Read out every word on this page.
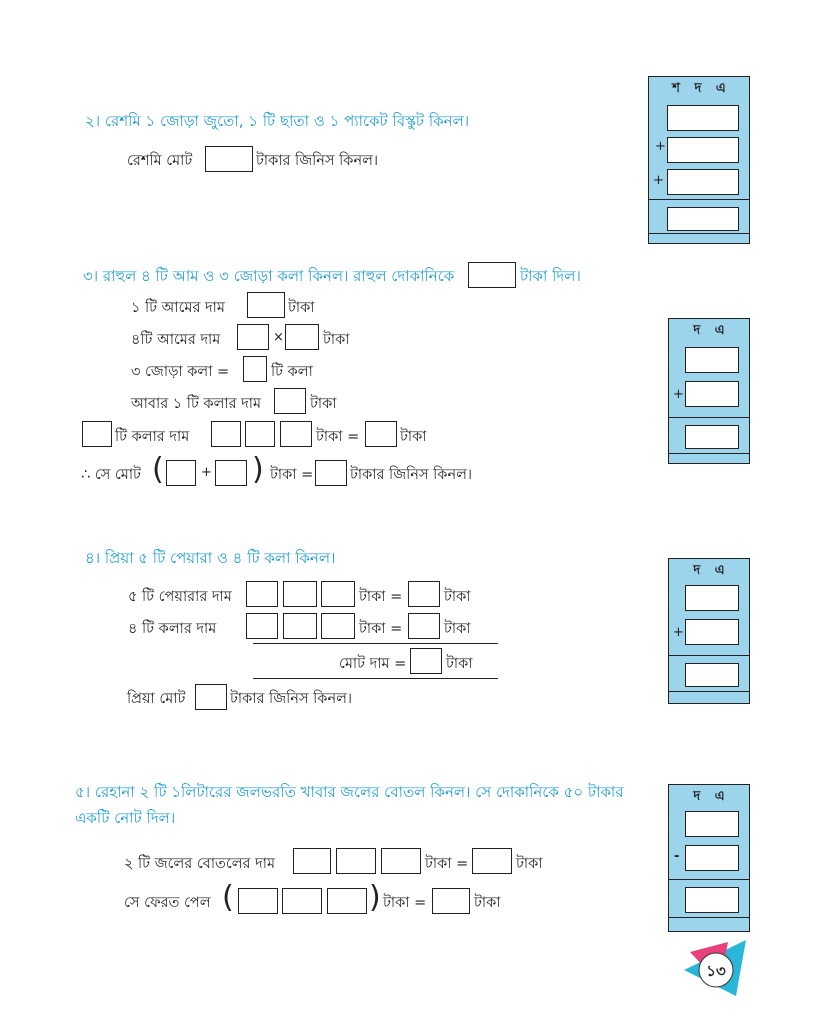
২। রেশমি ১ জোড়া জুতো, ১ টি ছাতা ও ১ প্যাকেট বিস্কুট কিনল।
রেশমি মোট	টাকার জিনিস কিনল।
শ দ এ
+
+
৩। রাহুল ৪ টি আম ও ৩ জোড়া কলা কিনল। রাহুল দোকানিকে	টাকা দিল।
১ টি আমের দাম	টাকা
৪টি আমের দাম	×	টাকা
৩ জোড়া কলা =	টি কলা
আবার ১ টি কলার দাম	টাকা
টি কলার দাম	টাকা =	টাকা
∴ সে মোট (	+ ) টাকা =	টাকার জিনিস কিনল।
দ এ
+
৪। প্রিয়া ৫ টি পেয়ারা ও ৪ টি কলা কিনল।
৫ টি পেয়ারার দাম	টাকা =	টাকা
৪ টি কলার দাম	টাকা =	টাকা
মোট দাম =	টাকা
প্রিয়া মোট	টাকার জিনিস কিনল।
দ এ
+
৫। রেহানা ২ টি ১লিটারের জলভরতি খাবার জলের বোতল কিনল। সে দোকানিকে ৫০ টাকার
একটি নোট দিল।
২ টি জলের বোতলের দাম	টাকা =	টাকা
সে ফেরত পেল (	) টাকা =	টাকা
দ এ
-
১৩
